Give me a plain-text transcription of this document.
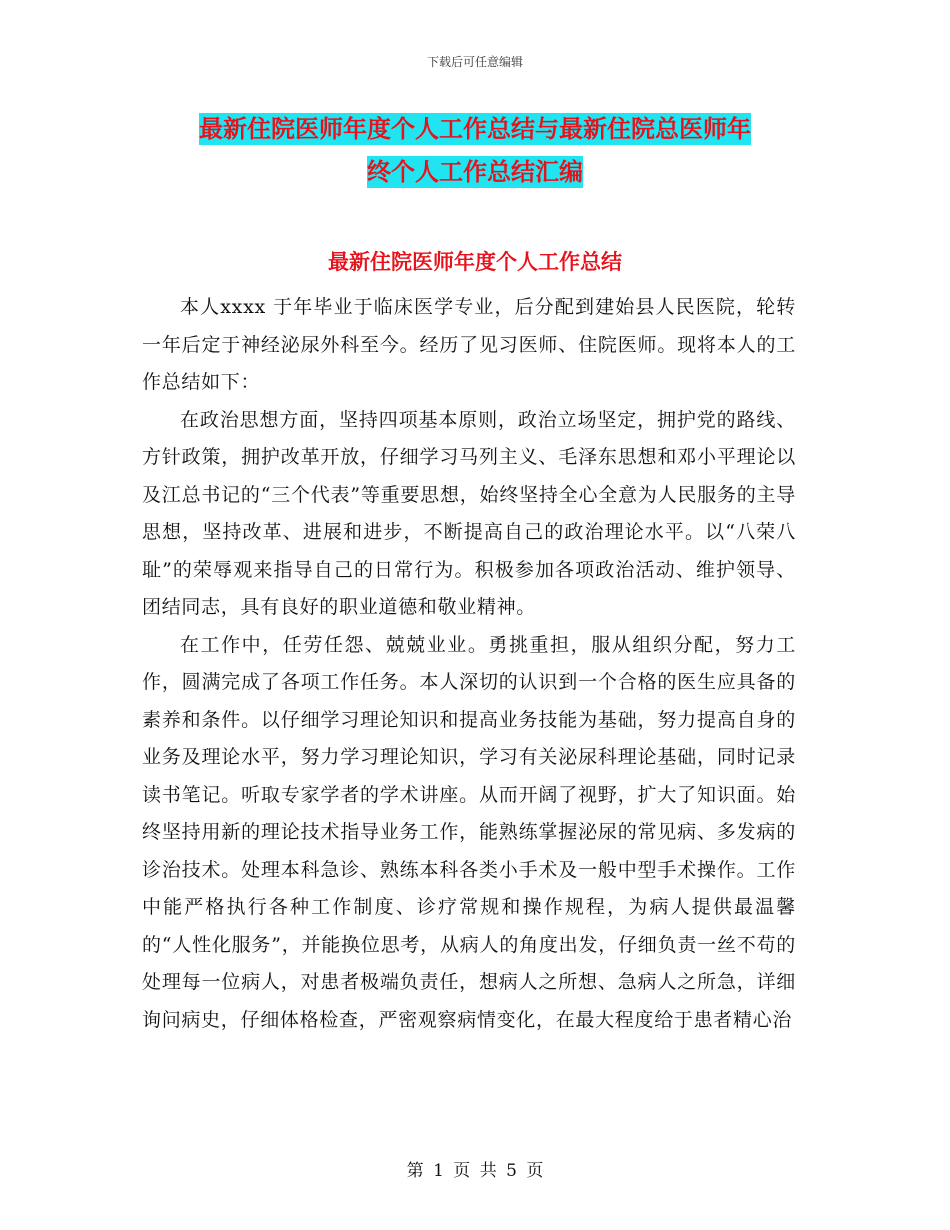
下载后可任意编辑
最新住院医师年度个人工作总结与最新住院总医师年
终个人工作总结汇编
最新住院医师年度个人工作总结

本人xxxx 于年毕业于临床医学专业，后分配到建始县人民医院，轮转一年后定于神经泌尿外科至今。经历了见习医师、住院医师。现将本人的工作总结如下：

在政治思想方面，坚持四项基本原则，政治立场坚定，拥护党的路线、方针政策，拥护改革开放，仔细学习马列主义、毛泽东思想和邓小平理论以及江总书记的“三个代表”等重要思想，始终坚持全心全意为人民服务的主导思想，坚持改革、进展和进步，不断提高自己的政治理论水平。以“八荣八耻”的荣辱观来指导自己的日常行为。积极参加各项政治活动、维护领导、团结同志，具有良好的职业道德和敬业精神。

在工作中，任劳任怨、兢兢业业。勇挑重担，服从组织分配，努力工作，圆满完成了各项工作任务。本人深切的认识到一个合格的医生应具备的素养和条件。以仔细学习理论知识和提高业务技能为基础，努力提高自身的业务及理论水平，努力学习理论知识，学习有关泌尿科理论基础，同时记录读书笔记。听取专家学者的学术讲座。从而开阔了视野，扩大了知识面。始终坚持用新的理论技术指导业务工作，能熟练掌握泌尿的常见病、多发病的诊治技术。处理本科急诊、熟练本科各类小手术及一般中型手术操作。工作中能严格执行各种工作制度、诊疗常规和操作规程，为病人提供最温馨的“人性化服务”，并能换位思考，从病人的角度出发，仔细负责一丝不苟的处理每一位病人，对患者极端负责任，想病人之所想、急病人之所急，详细询问病史，仔细体格检查，严密观察病情变化，在最大程度给于患者精心治

第 1 页 共 5 页
